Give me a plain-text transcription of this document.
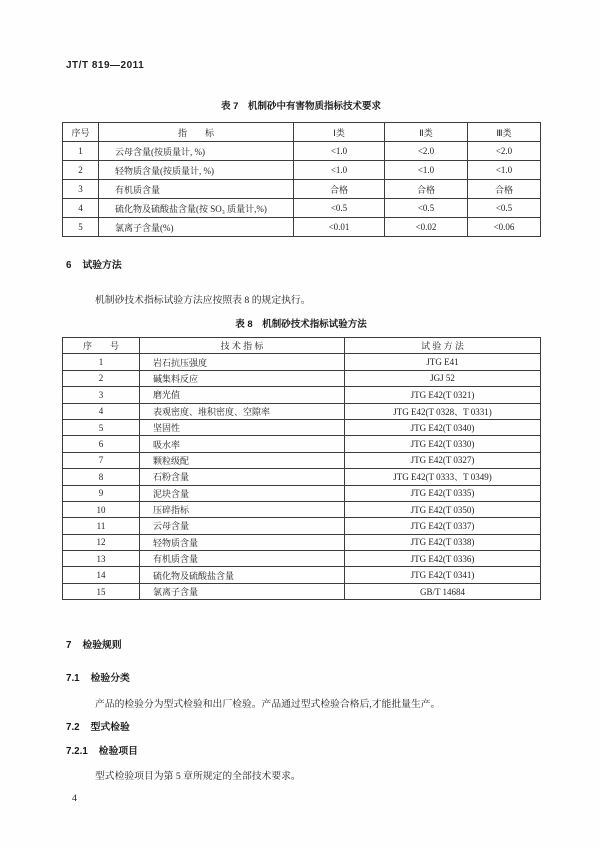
JT/T 819—2011
表 7　机制砂中有害物质指标技术要求
序号	指　　标	Ⅰ类	Ⅱ类	Ⅲ类
1	云母含量(按质量计, %)	<1.0	<2.0	<2.0
2	轻物质含量(按质量计, %)	<1.0	<1.0	<1.0
3	有机质含量	合格	合格	合格
4	硫化物及硫酸盐含量(按 SO₃ 质量计,%)	<0.5	<0.5	<0.5
5	氯离子含量(%)	<0.01	<0.02	<0.06
6 试验方法
机制砂技术指标试验方法应按照表 8 的规定执行。
表 8　机制砂技术指标试验方法
序　　号	技 术 指 标	试 验 方 法
1	岩石抗压强度	JTG E41
2	碱集料反应	JGJ 52
3	磨光值	JTG E42(T 0321)
4	表观密度、堆积密度、空隙率	JTG E42(T 0328、T 0331)
5	坚固性	JTG E42(T 0340)
6	吸水率	JTG E42(T 0330)
7	颗粒级配	JTG E42(T 0327)
8	石粉含量	JTG E42(T 0333、T 0349)
9	泥块含量	JTG E42(T 0335)
10	压碎指标	JTG E42(T 0350)
11	云母含量	JTG E42(T 0337)
12	轻物质含量	JTG E42(T 0338)
13	有机质含量	JTG E42(T 0336)
14	硫化物及硫酸盐含量	JTG E42(T 0341)
15	氯离子含量	GB/T 14684
7 检验规则
7.1 检验分类
产品的检验分为型式检验和出厂检验。产品通过型式检验合格后,才能批量生产。
7.2 型式检验
7.2.1 检验项目
型式检验项目为第 5 章所规定的全部技术要求。
4
